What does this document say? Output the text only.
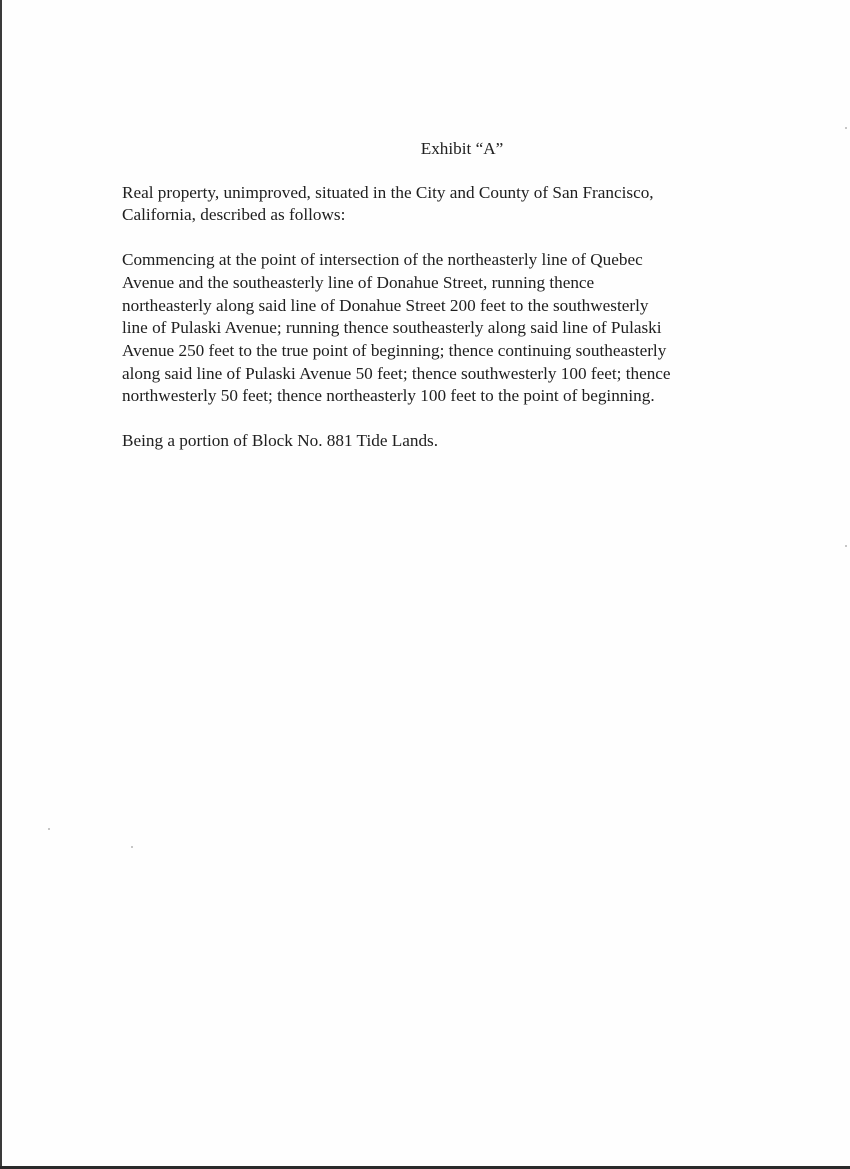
Exhibit “A”
Real property, unimproved, situated in the City and County of San Francisco,
California, described as follows:
Commencing at the point of intersection of the northeasterly line of Quebec
Avenue and the southeasterly line of Donahue Street, running thence
northeasterly along said line of Donahue Street 200 feet to the southwesterly
line of Pulaski Avenue; running thence southeasterly along said line of Pulaski
Avenue 250 feet to the true point of beginning; thence continuing southeasterly
along said line of Pulaski Avenue 50 feet; thence southwesterly 100 feet; thence
northwesterly 50 feet; thence northeasterly 100 feet to the point of beginning.
Being a portion of Block No. 881 Tide Lands.
